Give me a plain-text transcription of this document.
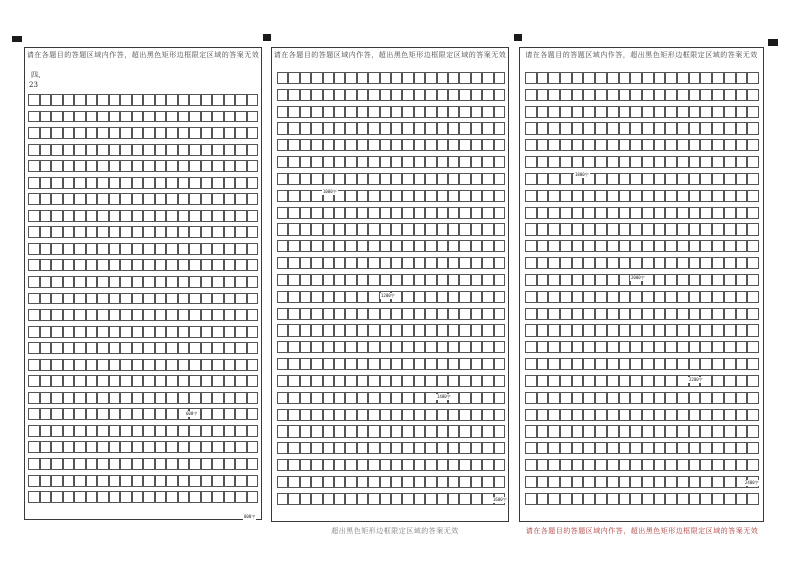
请在各题目的答题区域内作答，超出黑色矩形边框限定区域的答案无效
四、
23
600字
800字
请在各题目的答题区域内作答，超出黑色矩形边框限定区域的答案无效
1000字
1200字
1400字
1600字
超出黑色矩形边框限定区域的答案无效
请在各题目的答题区域内作答，超出黑色矩形边框限定区域的答案无效
1800字
2000字
2200字
2400字
请在各题目的答题区域内作答，超出黑色矩形边框限定区域的答案无效
